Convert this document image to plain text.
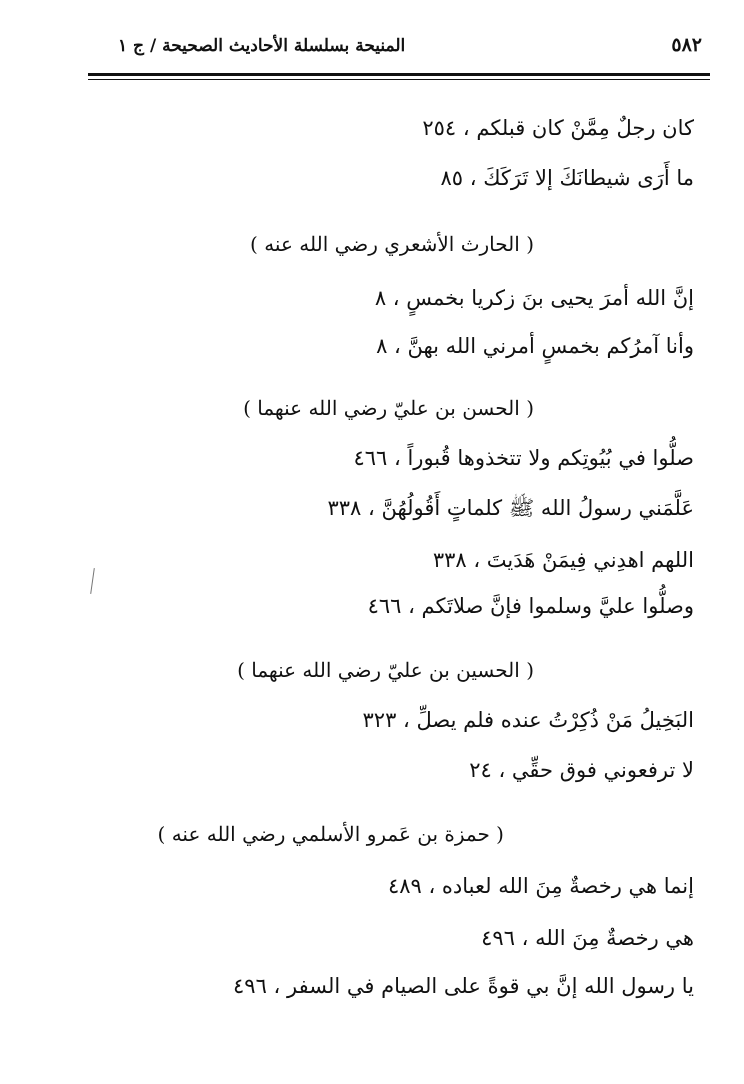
٥٨٢
المنيحة بسلسلة الأحاديث الصحيحة / ج ١
كان رجلٌ مِمَّنْ كان قبلكم ، ٢٥٤
ما أَرَى شيطانَكَ إلا تَرَكَكَ ، ٨٥
( الحارث الأشعري رضي الله عنه )
إنَّ الله أمرَ يحيى بنَ زكريا بخمسٍ ، ٨
وأنا آمرُكم بخمسٍ أمرني الله بهنَّ ، ٨
( الحسن بن عليّ رضي الله عنهما )
صلُّوا في بُيُوتِكم ولا تتخذوها قُبوراً ، ٤٦٦
عَلَّمَني رسولُ الله ﷺ كلماتٍ أَقُولُهُنَّ ، ٣٣٨
اللهم اهدِني فِيمَنْ هَدَيتَ ، ٣٣٨
وصلُّوا عليَّ وسلموا فإنَّ صلاتَكم ، ٤٦٦
( الحسين بن عليّ رضي الله عنهما )
البَخِيلُ مَنْ ذُكِرْتُ عنده فلم يصلِّ ، ٣٢٣
لا ترفعوني فوق حقِّي ، ٢٤
( حمزة بن عَمرو الأسلمي رضي الله عنه )
إنما هي رخصةٌ مِنَ الله لعباده ، ٤٨٩
هي رخصةٌ مِنَ الله ، ٤٩٦
يا رسول الله إنَّ بي قوةً على الصيام في السفر ، ٤٩٦
